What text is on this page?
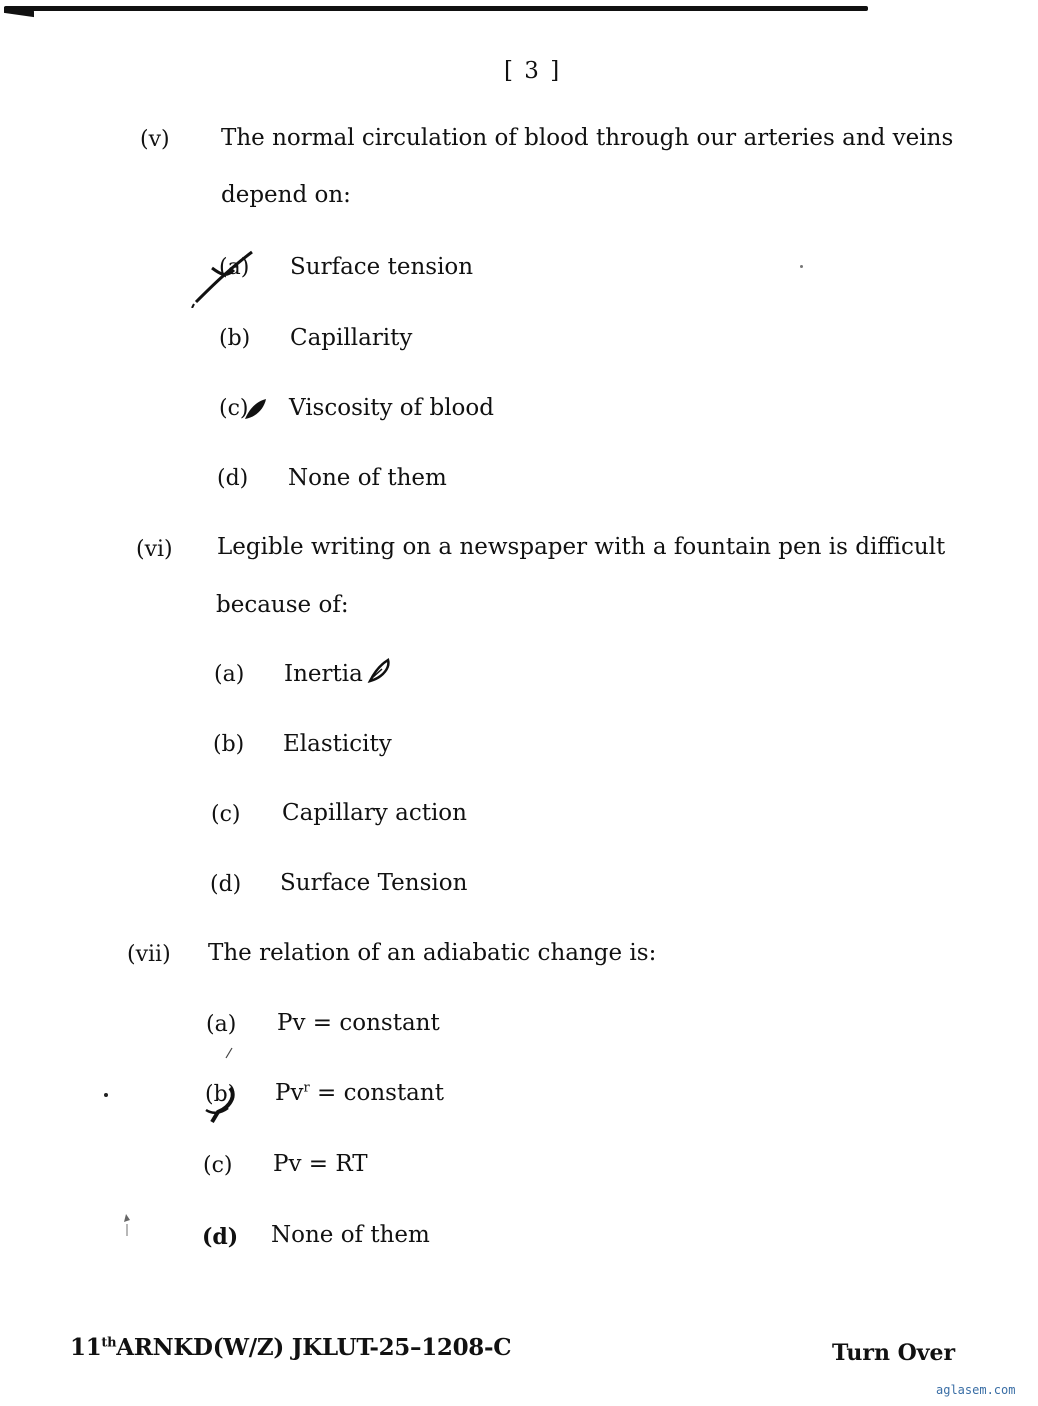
[ 3 ]
(v) The normal circulation of blood through our arteries and veins
depend on:
(a) Surface tension
(b) Capillarity
(c) Viscosity of blood
(d) None of them
(vi) Legible writing on a newspaper with a fountain pen is difficult
because of:
(a) Inertia
(b) Elasticity
(c) Capillary action
(d) Surface Tension
(vii) The relation of an adiabatic change is:
(a) Pv = constant
(b) $Pv^r$ = constant
(c) Pv = RT
(d) None of them
11thARNKD(W/Z) JKLUT-25–1208-C	Turn Over
aglasem.com
